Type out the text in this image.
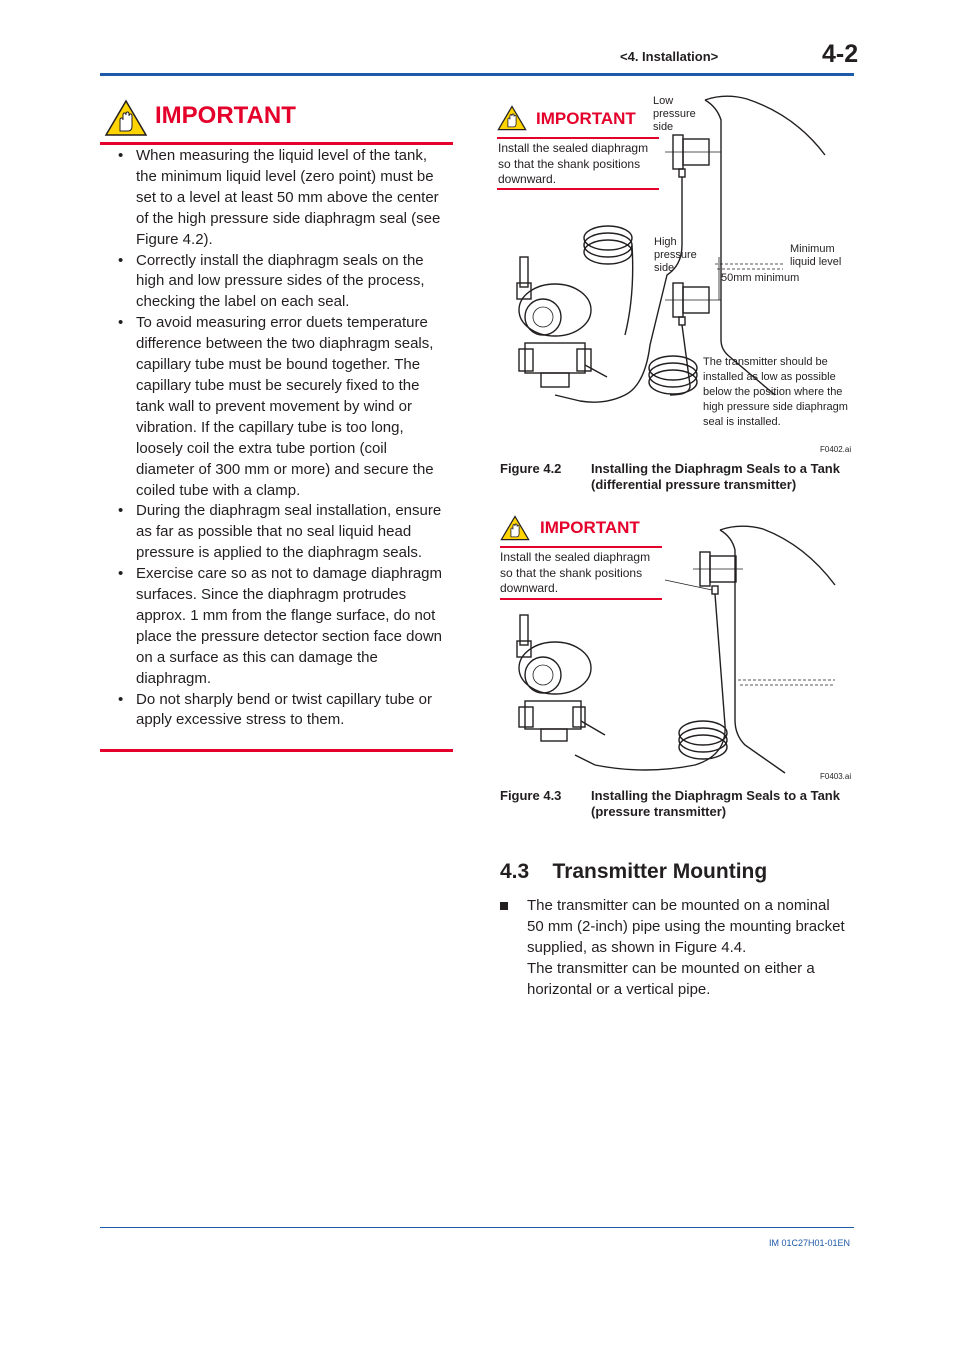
<4. Installation>	4-2
IMPORTANT
• When measuring the liquid level of the tank, the minimum liquid level (zero point) must be set to a level at least 50 mm above the center of the high pressure side diaphragm seal (see Figure 4.2).
• Correctly install the diaphragm seals on the high and low pressure sides of the process, checking the label on each seal.
• To avoid measuring error duets temperature difference between the two diaphragm seals, capillary tube must be bound together. The capillary tube must be securely fixed to the tank wall to prevent movement by wind or vibration. If the capillary tube is too long, loosely coil the extra tube portion (coil diameter of 300 mm or more) and secure the coiled tube with a clamp.
• During the diaphragm seal installation, ensure as far as possible that no seal liquid head pressure is applied to the diaphragm seals.
• Exercise care so as not to damage diaphragm surfaces. Since the diaphragm protrudes approx. 1 mm from the flange surface, do not place the pressure detector section face down on a surface as this can damage the diaphragm.
• Do not sharply bend or twist capillary tube or apply excessive stress to them.
IMPORTANT
Install the sealed diaphragm so that the shank positions downward.
Low pressure side
High pressure side
Minimum liquid level
50mm minimum
The transmitter should be installed as low as possible below the position where the high pressure side diaphragm seal is installed.
F0402.ai
Figure 4.2 Installing the Diaphragm Seals to a Tank (differential pressure transmitter)
IMPORTANT
Install the sealed diaphragm so that the shank positions downward.
F0403.ai
Figure 4.3 Installing the Diaphragm Seals to a Tank (pressure transmitter)
4.3    Transmitter Mounting
The transmitter can be mounted on a nominal 50 mm (2-inch) pipe using the mounting bracket supplied, as shown in Figure 4.4.
The transmitter can be mounted on either a horizontal or a vertical pipe.
IM 01C27H01-01EN
